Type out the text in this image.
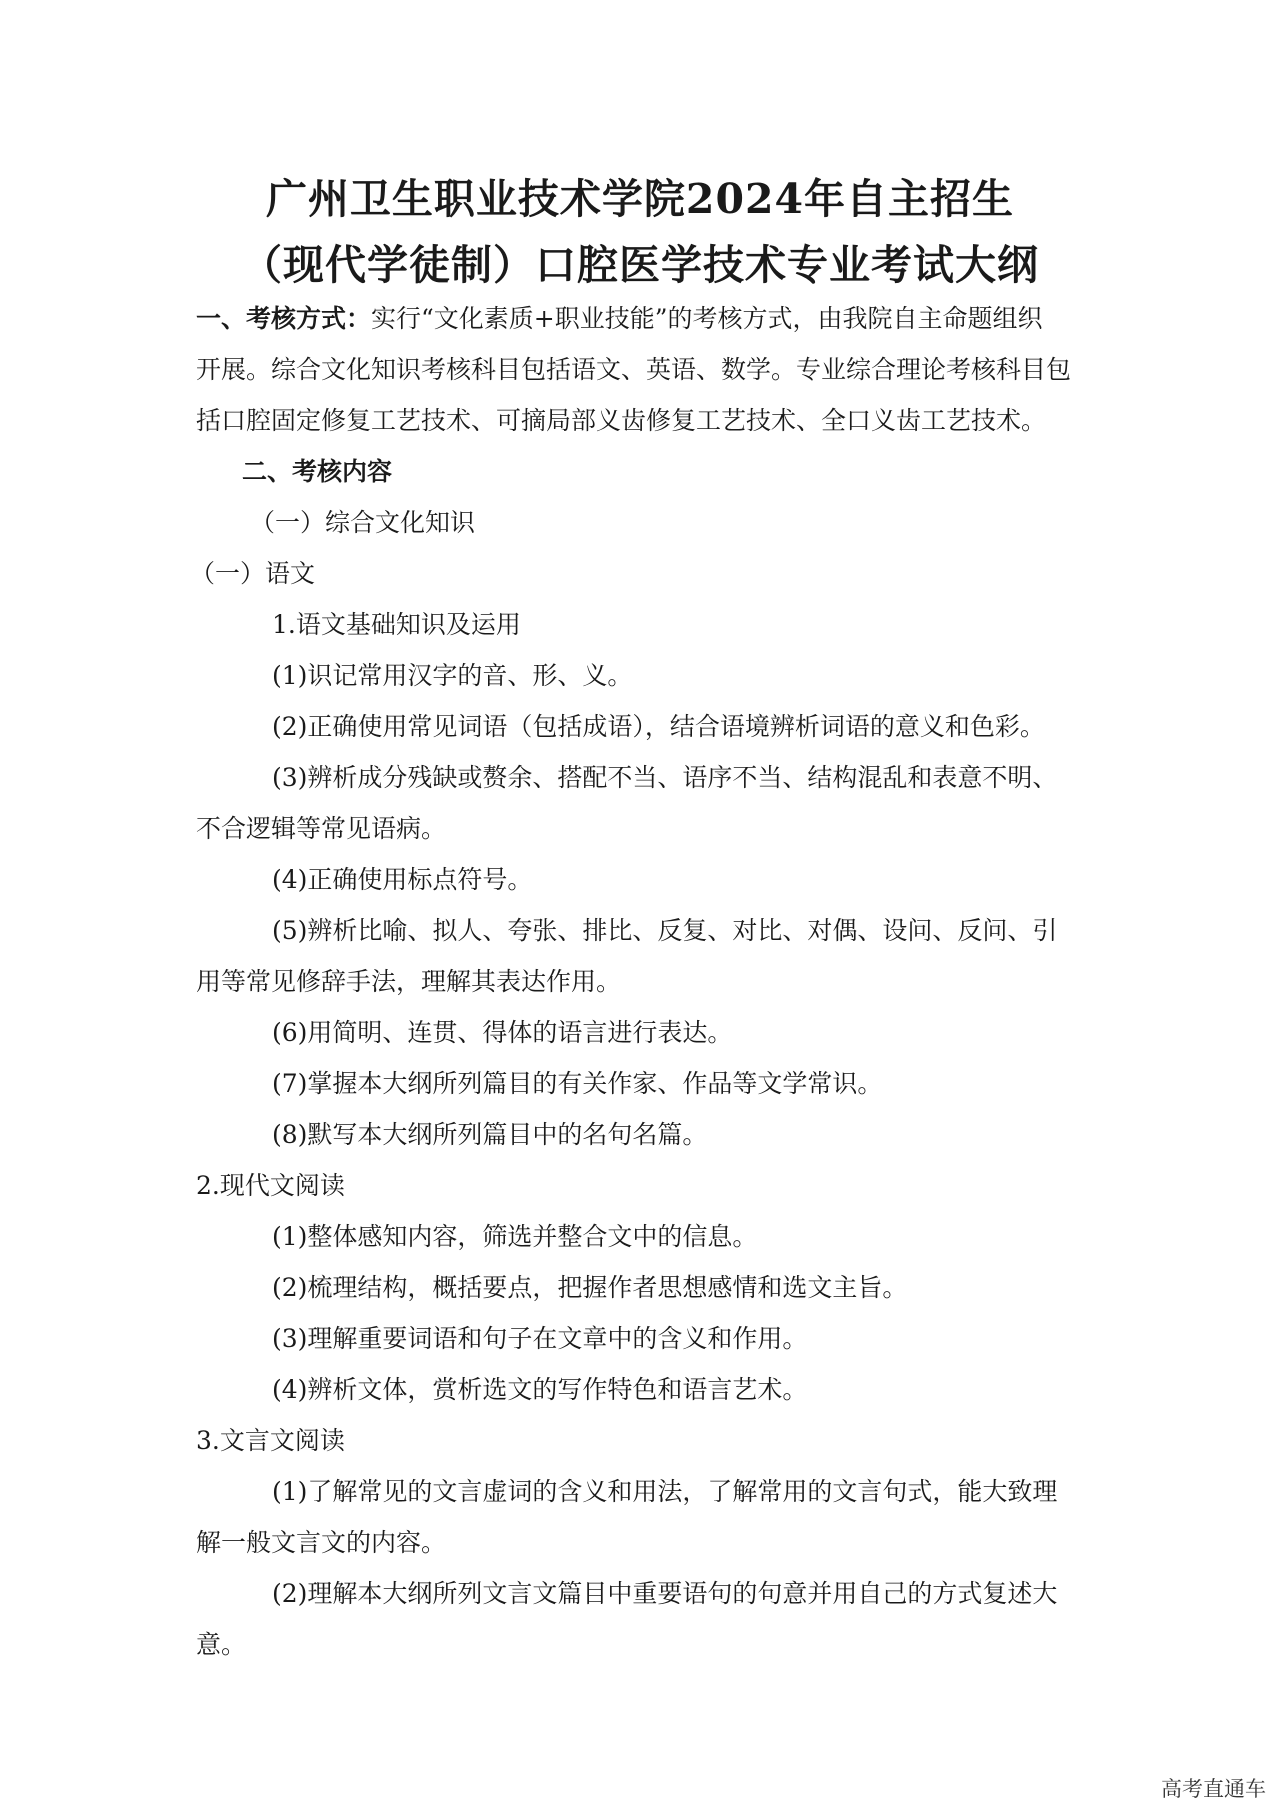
广州卫生职业技术学院2024年自主招生
（现代学徒制）口腔医学技术专业考试大纲
一、考核方式：实行“文化素质+职业技能”的考核方式，由我院自主命题组织
开展。综合文化知识考核科目包括语文、英语、数学。专业综合理论考核科目包
括口腔固定修复工艺技术、可摘局部义齿修复工艺技术、全口义齿工艺技术。
二、考核内容
（一）综合文化知识
（一）语文
1.语文基础知识及运用
(1)识记常用汉字的音、形、义。
(2)正确使用常见词语（包括成语），结合语境辨析词语的意义和色彩。
(3)辨析成分残缺或赘余、搭配不当、语序不当、结构混乱和表意不明、
不合逻辑等常见语病。
(4)正确使用标点符号。
(5)辨析比喻、拟人、夸张、排比、反复、对比、对偶、设问、反问、引
用等常见修辞手法，理解其表达作用。
(6)用简明、连贯、得体的语言进行表达。
(7)掌握本大纲所列篇目的有关作家、作品等文学常识。
(8)默写本大纲所列篇目中的名句名篇。
2.现代文阅读
(1)整体感知内容，筛选并整合文中的信息。
(2)梳理结构，概括要点，把握作者思想感情和选文主旨。
(3)理解重要词语和句子在文章中的含义和作用。
(4)辨析文体，赏析选文的写作特色和语言艺术。
3.文言文阅读
(1)了解常见的文言虚词的含义和用法，了解常用的文言句式，能大致理
解一般文言文的内容。
(2)理解本大纲所列文言文篇目中重要语句的句意并用自己的方式复述大
意。
高考直通车
